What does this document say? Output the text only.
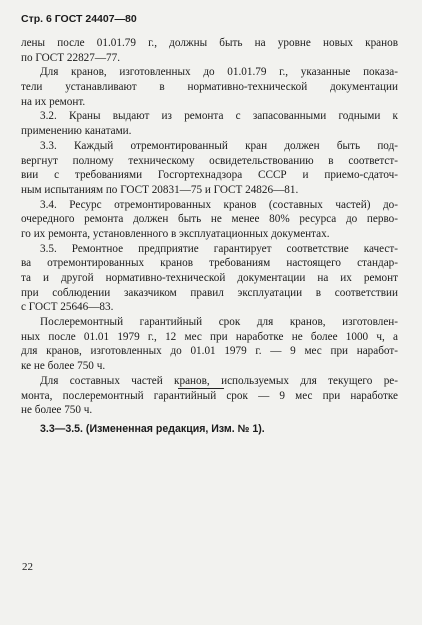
Стр. 6 ГОСТ 24407—80
лены после 01.01.79 г., должны быть на уровне новых кранов
по ГОСТ 22827—77.
Для кранов, изготовленных до 01.01.79 г., указанные показа-
тели устанавливают в нормативно-технической документации
на их ремонт.
3.2. Краны выдают из ремонта с запасованными годными к
применению канатами.
3.3. Каждый отремонтированный кран должен быть под-
вергнут полному техническому освидетельствованию в соответст-
вии с требованиями Госгортехнадзора СССР и приемо-сдаточ-
ным испытаниям по ГОСТ 20831—75 и ГОСТ 24826—81.
3.4. Ресурс отремонтированных кранов (составных частей) до-
очередного ремонта должен быть не менее 80% ресурса до перво-
го их ремонта, установленного в эксплуатационных документах.
3.5. Ремонтное предприятие гарантирует соответствие качест-
ва отремонтированных кранов требованиям настоящего стандар-
та и другой нормативно-технической документации на их ремонт
при соблюдении заказчиком правил эксплуатации в соответствии
с ГОСТ 25646—83.
Послеремонтный гарантийный срок для кранов, изготовлен-
ных после 01.01 1979 г., 12 мес при наработке не более 1000 ч, а
для кранов, изготовленных до 01.01 1979 г. — 9 мес при наработ-
ке не более 750 ч.
Для составных частей кранов, используемых для текущего ре-
монта, послеремонтный гарантийный срок — 9 мес при наработке
не более 750 ч.
3.3—3.5. (Измененная редакция, Изм. № 1).
22
